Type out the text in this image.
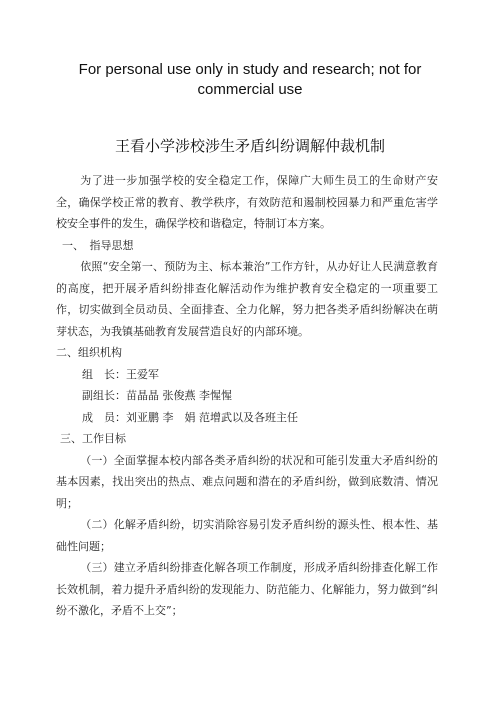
For personal use only in study and research; not for
commercial use
王看小学涉校涉生矛盾纠纷调解仲裁机制

为了进一步加强学校的安全稳定工作，保障广大师生员工的生命财产安全，确保学校正常的教育、教学秩序，有效防范和遏制校园暴力和严重危害学校安全事件的发生，确保学校和谐稳定，特制订本方案。

一、　指导思想

依照“安全第一、预防为主、标本兼治”工作方针，从办好让人民满意教育的高度，把开展矛盾纠纷排查化解活动作为维护教育安全稳定的一项重要工作，切实做到全员动员、全面排查、全力化解，努力把各类矛盾纠纷解决在萌芽状态，为我镇基础教育发展营造良好的内部环境。

二、组织机构

组　长：王爱军

副组长：苗晶晶 张俊燕 李惺惺

成　员：刘亚鹏 李　娟 范增武以及各班主任

三、工作目标

（一）全面掌握本校内部各类矛盾纠纷的状况和可能引发重大矛盾纠纷的基本因素，找出突出的热点、难点问题和潜在的矛盾纠纷，做到底数清、情况明；

（二）化解矛盾纠纷，切实消除容易引发矛盾纠纷的源头性、根本性、基础性问题；

（三）建立矛盾纠纷排查化解各项工作制度，形成矛盾纠纷排查化解工作长效机制，着力提升矛盾纠纷的发现能力、防范能力、化解能力，努力做到“纠纷不激化，矛盾不上交”；
